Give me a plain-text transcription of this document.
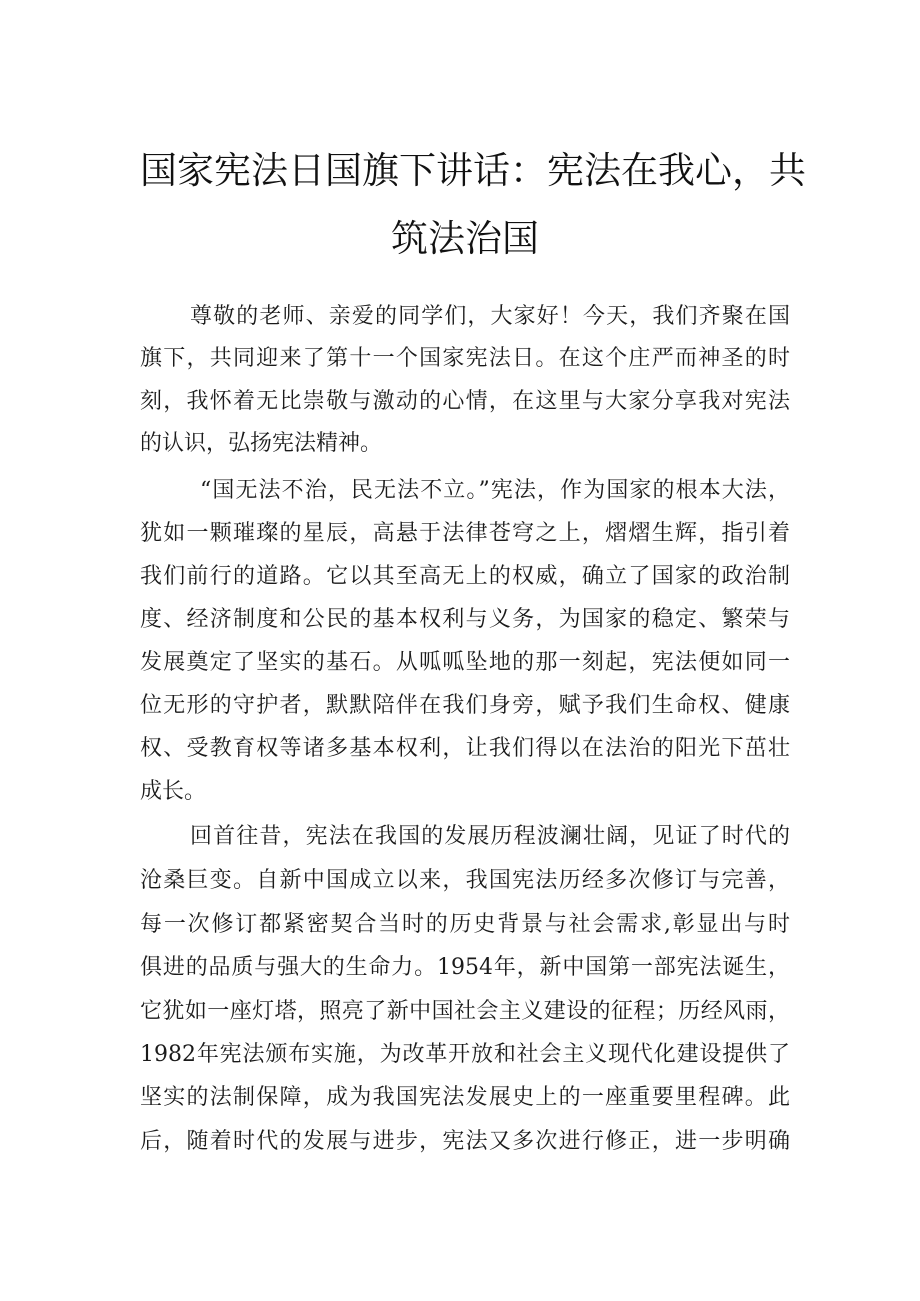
国家宪法日国旗下讲话：宪法在我心，共
筑法治国
尊敬的老师、亲爱的同学们，大家好！今天，我们齐聚在国
旗下，共同迎来了第十一个国家宪法日。在这个庄严而神圣的时
刻，我怀着无比崇敬与激动的心情，在这里与大家分享我对宪法
的认识，弘扬宪法精神。
“国无法不治，民无法不立。”宪法，作为国家的根本大法，
犹如一颗璀璨的星辰，高悬于法律苍穹之上，熠熠生辉，指引着
我们前行的道路。它以其至高无上的权威，确立了国家的政治制
度、经济制度和公民的基本权利与义务，为国家的稳定、繁荣与
发展奠定了坚实的基石。从呱呱坠地的那一刻起，宪法便如同一
位无形的守护者，默默陪伴在我们身旁，赋予我们生命权、健康
权、受教育权等诸多基本权利，让我们得以在法治的阳光下茁壮
成长。
回首往昔，宪法在我国的发展历程波澜壮阔，见证了时代的
沧桑巨变。自新中国成立以来，我国宪法历经多次修订与完善，
每一次修订都紧密契合当时的历史背景与社会需求,彰显出与时
俱进的品质与强大的生命力。1954年，新中国第一部宪法诞生，
它犹如一座灯塔，照亮了新中国社会主义建设的征程；历经风雨，
1982年宪法颁布实施，为改革开放和社会主义现代化建设提供了
坚实的法制保障，成为我国宪法发展史上的一座重要里程碑。此
后，随着时代的发展与进步，宪法又多次进行修正，进一步明确
